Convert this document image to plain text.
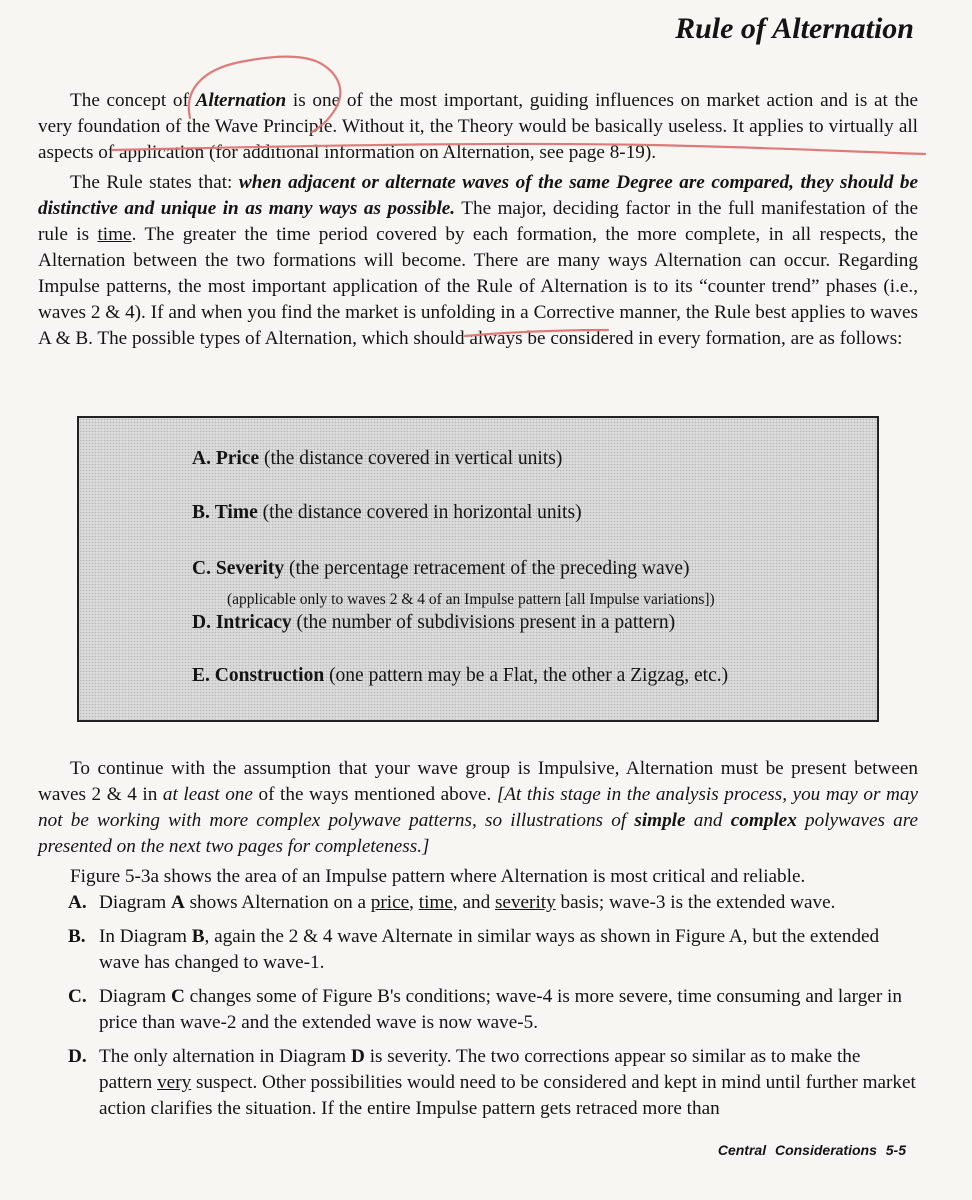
Rule of Alternation

The concept of Alternation is one of the most important, guiding influences on market action and is at the very foundation of the Wave Principle. Without it, the Theory would be basically useless. It applies to virtually all aspects of application (for additional information on Alternation, see page 8-19).

The Rule states that: when adjacent or alternate waves of the same Degree are compared, they should be distinctive and unique in as many ways as possible. The major, deciding factor in the full manifestation of the rule is time. The greater the time period covered by each formation, the more complete, in all respects, the Alternation between the two formations will become. There are many ways Alternation can occur. Regarding Impulse patterns, the most important application of the Rule of Alternation is to its “counter trend” phases (i.e., waves 2 & 4). If and when you find the market is unfolding in a Corrective manner, the Rule best applies to waves A & B. The possible types of Alternation, which should always be considered in every formation, are as follows:

A. Price (the distance covered in vertical units)
B. Time (the distance covered in horizontal units)
C. Severity (the percentage retracement of the preceding wave)
(applicable only to waves 2 & 4 of an Impulse pattern [all Impulse variations])
D. Intricacy (the number of subdivisions present in a pattern)
E. Construction (one pattern may be a Flat, the other a Zigzag, etc.)

To continue with the assumption that your wave group is Impulsive, Alternation must be present between waves 2 & 4 in at least one of the ways mentioned above. [At this stage in the analysis process, you may or may not be working with more complex polywave patterns, so illustrations of simple and complex polywaves are presented on the next two pages for completeness.]

Figure 5-3a shows the area of an Impulse pattern where Alternation is most critical and reliable.

A. Diagram A shows Alternation on a price, time, and severity basis; wave-3 is the extended wave.
B. In Diagram B, again the 2 & 4 wave Alternate in similar ways as shown in Figure A, but the extended wave has changed to wave-1.
C. Diagram C changes some of Figure B's conditions; wave-4 is more severe, time consuming and larger in price than wave-2 and the extended wave is now wave-5.
D. The only alternation in Diagram D is severity. The two corrections appear so similar as to make the pattern very suspect. Other possibilities would need to be considered and kept in mind until further market action clarifies the situation. If the entire Impulse pattern gets retraced more than
Central Considerations 5-5
